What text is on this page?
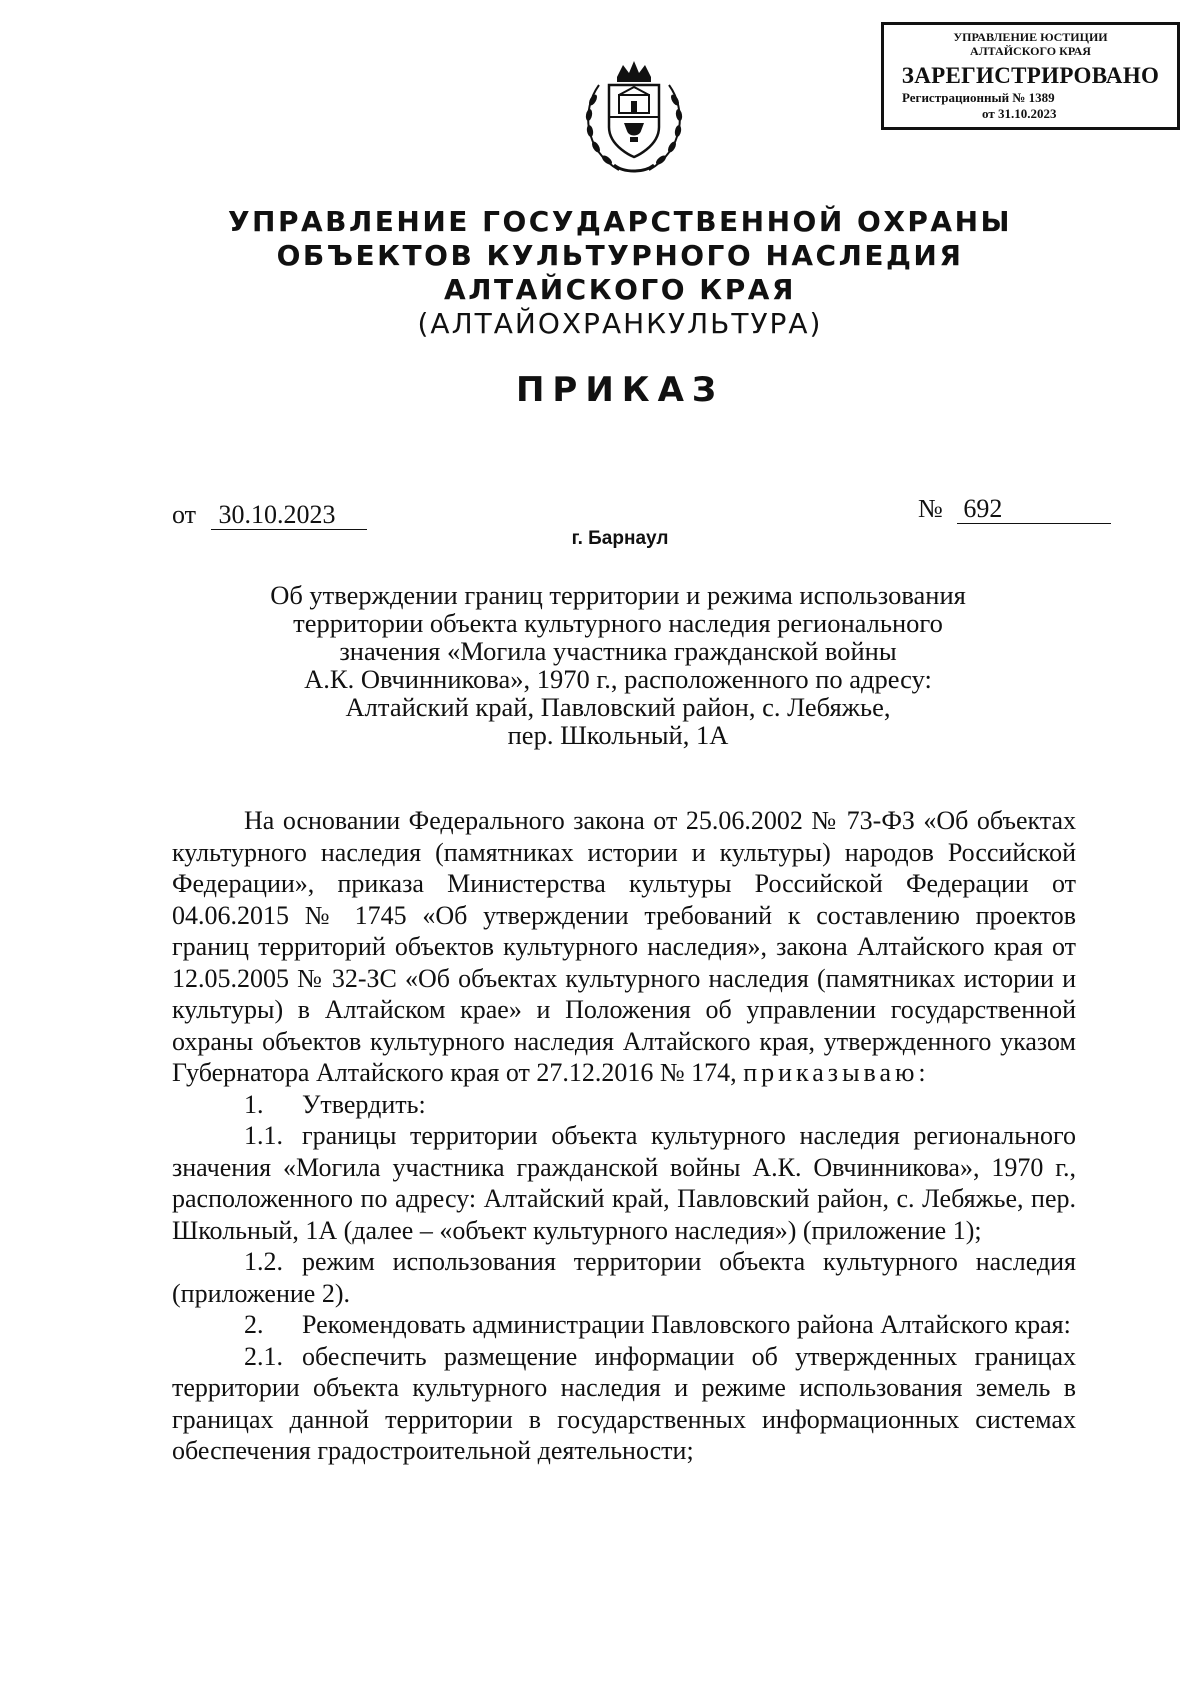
УПРАВЛЕНИЕ ЮСТИЦИИ
АЛТАЙСКОГО КРАЯ
ЗАРЕГИСТРИРОВАНО
Регистрационный № 1389
от 31.10.2023
УПРАВЛЕНИЕ ГОСУДАРСТВЕННОЙ ОХРАНЫ
ОБЪЕКТОВ КУЛЬТУРНОГО НАСЛЕДИЯ
АЛТАЙСКОГО КРАЯ
(АЛТАЙОХРАНКУЛЬТУРА)
ПРИКАЗ
от 30.10.2023	№ 692
г. Барнаул
Об утверждении границ территории и режима использования
территории объекта культурного наследия регионального
значения «Могила участника гражданской войны
А.К. Овчинникова», 1970 г., расположенного по адресу:
Алтайский край, Павловский район, с. Лебяжье,
пер. Школьный, 1А

На основании Федерального закона от 25.06.2002 № 73-ФЗ «Об объектах культурного наследия (памятниках истории и культуры) народов Российской Федерации», приказа Министерства культуры Российской Федерации от 04.06.2015 № 1745 «Об утверждении требований к составлению проектов границ территорий объектов культурного наследия», закона Алтайского края от 12.05.2005 № 32-ЗС «Об объектах культурного наследия (памятниках истории и культуры) в Алтайском крае» и Положения об управлении государственной охраны объектов культурного наследия Алтайского края, утвержденного указом Губернатора Алтайского края от 27.12.2016 № 174, приказываю:

1. Утвердить:

1.1. границы территории объекта культурного наследия регионального значения «Могила участника гражданской войны А.К. Овчинникова», 1970 г., расположенного по адресу: Алтайский край, Павловский район, с. Лебяжье, пер. Школьный, 1А (далее – «объект культурного наследия») (приложение 1);

1.2. режим использования территории объекта культурного наследия (приложение 2).

2. Рекомендовать администрации Павловского района Алтайского края:

2.1. обеспечить размещение информации об утвержденных границах территории объекта культурного наследия и режиме использования земель в границах данной территории в государственных информационных системах обеспечения градостроительной деятельности;
